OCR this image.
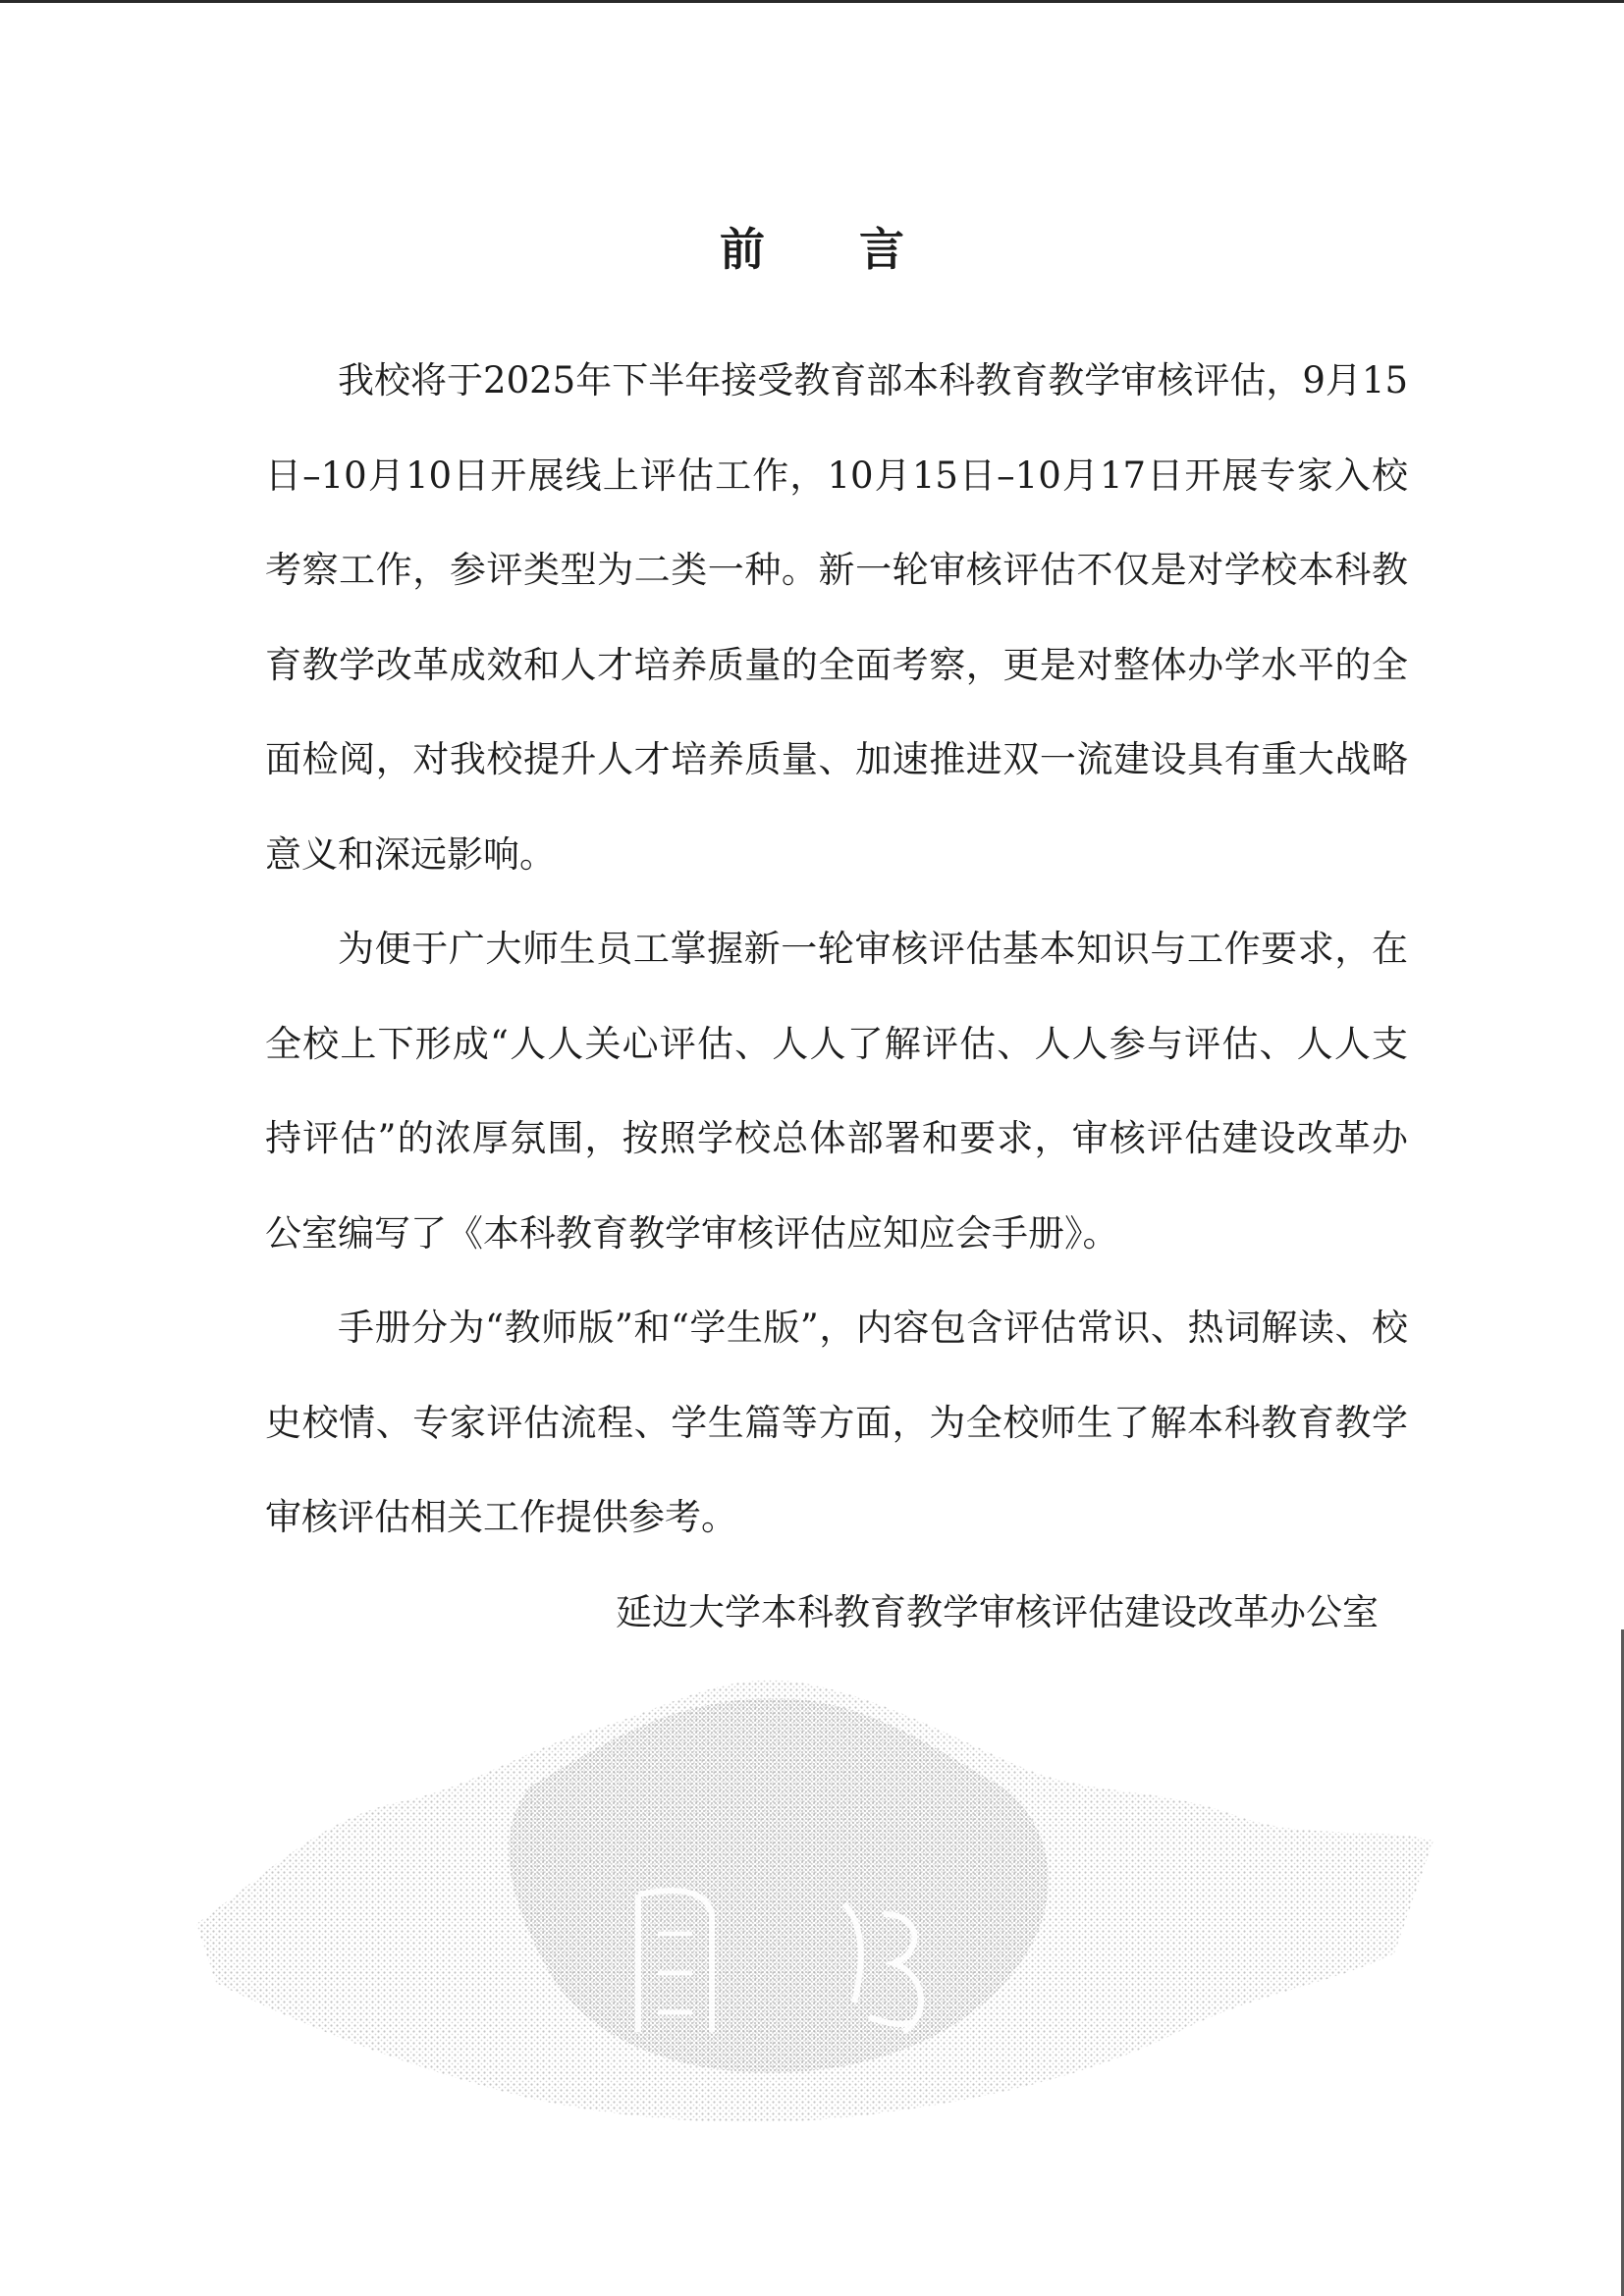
前 言

我校将于2025年下半年接受教育部本科教育教学审核评估，9月15日–10月10日开展线上评估工作，10月15日–10月17日开展专家入校考察工作，参评类型为二类一种。新一轮审核评估不仅是对学校本科教育教学改革成效和人才培养质量的全面考察，更是对整体办学水平的全面检阅，对我校提升人才培养质量、加速推进双一流建设具有重大战略意义和深远影响。

为便于广大师生员工掌握新一轮审核评估基本知识与工作要求，在全校上下形成“人人关心评估、人人了解评估、人人参与评估、人人支持评估”的浓厚氛围，按照学校总体部署和要求，审核评估建设改革办公室编写了《本科教育教学审核评估应知应会手册》。

手册分为“教师版”和“学生版”，内容包含评估常识、热词解读、校史校情、专家评估流程、学生篇等方面，为全校师生了解本科教育教学审核评估相关工作提供参考。

延边大学本科教育教学审核评估建设改革办公室
